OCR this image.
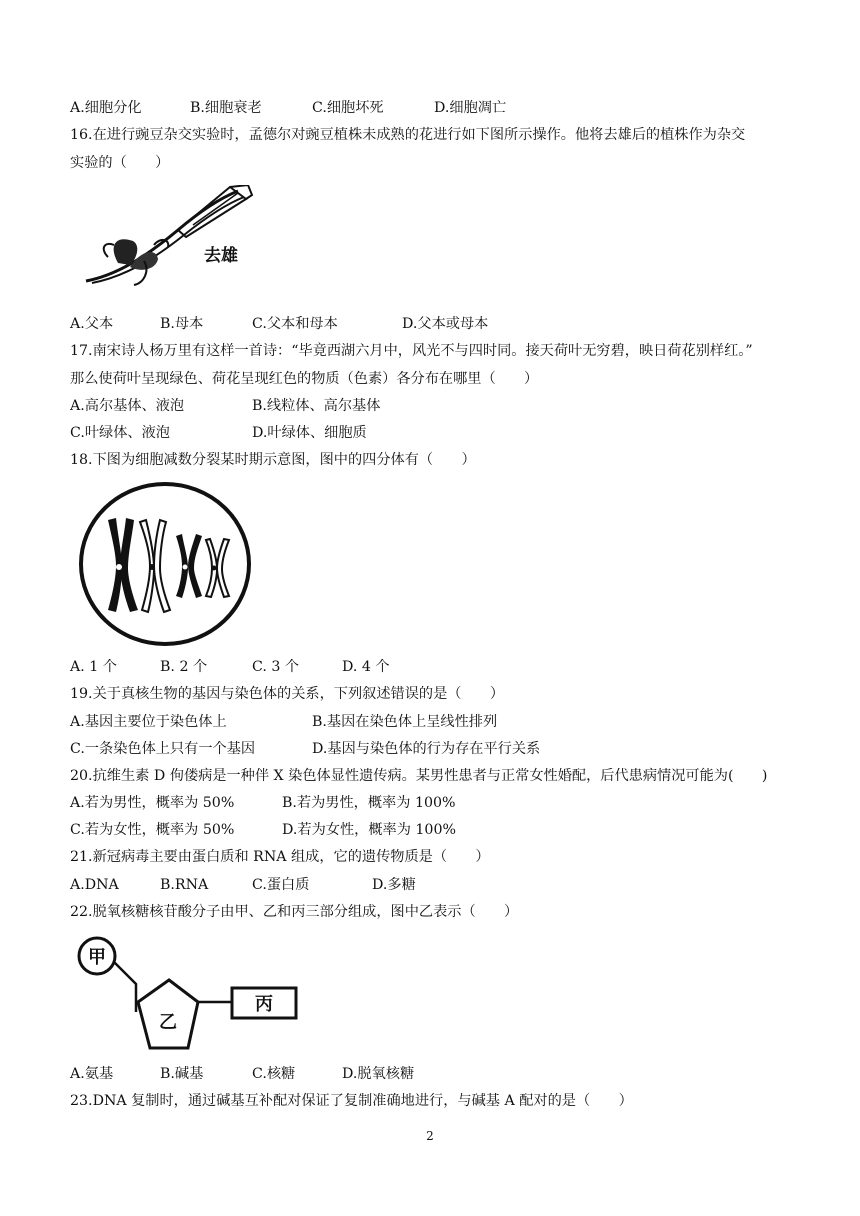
A.细胞分化	B.细胞衰老	C.细胞坏死	D.细胞凋亡
16.在进行豌豆杂交实验时，孟德尔对豌豆植株未成熟的花进行如下图所示操作。他将去雄后的植株作为杂交
实验的（　　）
去雄
A.父本	B.母本	C.父本和母本	D.父本或母本
17.南宋诗人杨万里有这样一首诗：“毕竟西湖六月中，风光不与四时同。接天荷叶无穷碧，映日荷花别样红。”
那么使荷叶呈现绿色、荷花呈现红色的物质（色素）各分布在哪里（　　）
A.高尔基体、液泡	B.线粒体、高尔基体
C.叶绿体、液泡	D.叶绿体、细胞质
18.下图为细胞减数分裂某时期示意图，图中的四分体有（　　）
A. 1 个	B. 2 个	C. 3 个	D. 4 个
19.关于真核生物的基因与染色体的关系，下列叙述错误的是（　　）
A.基因主要位于染色体上	B.基因在染色体上呈线性排列
C.一条染色体上只有一个基因	D.基因与染色体的行为存在平行关系
20.抗维生素 D 佝偻病是一种伴 X 染色体显性遗传病。某男性患者与正常女性婚配，后代患病情况可能为(　　)
A.若为男性，概率为 50%	B.若为男性，概率为 100%
C.若为女性，概率为 50%	D.若为女性，概率为 100%
21.新冠病毒主要由蛋白质和 RNA 组成，它的遗传物质是（　　）
A.DNA	B.RNA	C.蛋白质	D.多糖
22.脱氧核糖核苷酸分子由甲、乙和丙三部分组成，图中乙表示（　　）
甲
乙
丙
A.氨基	B.碱基	C.核糖	D.脱氧核糖
23.DNA 复制时，通过碱基互补配对保证了复制准确地进行，与碱基 A 配对的是（　　）
2
